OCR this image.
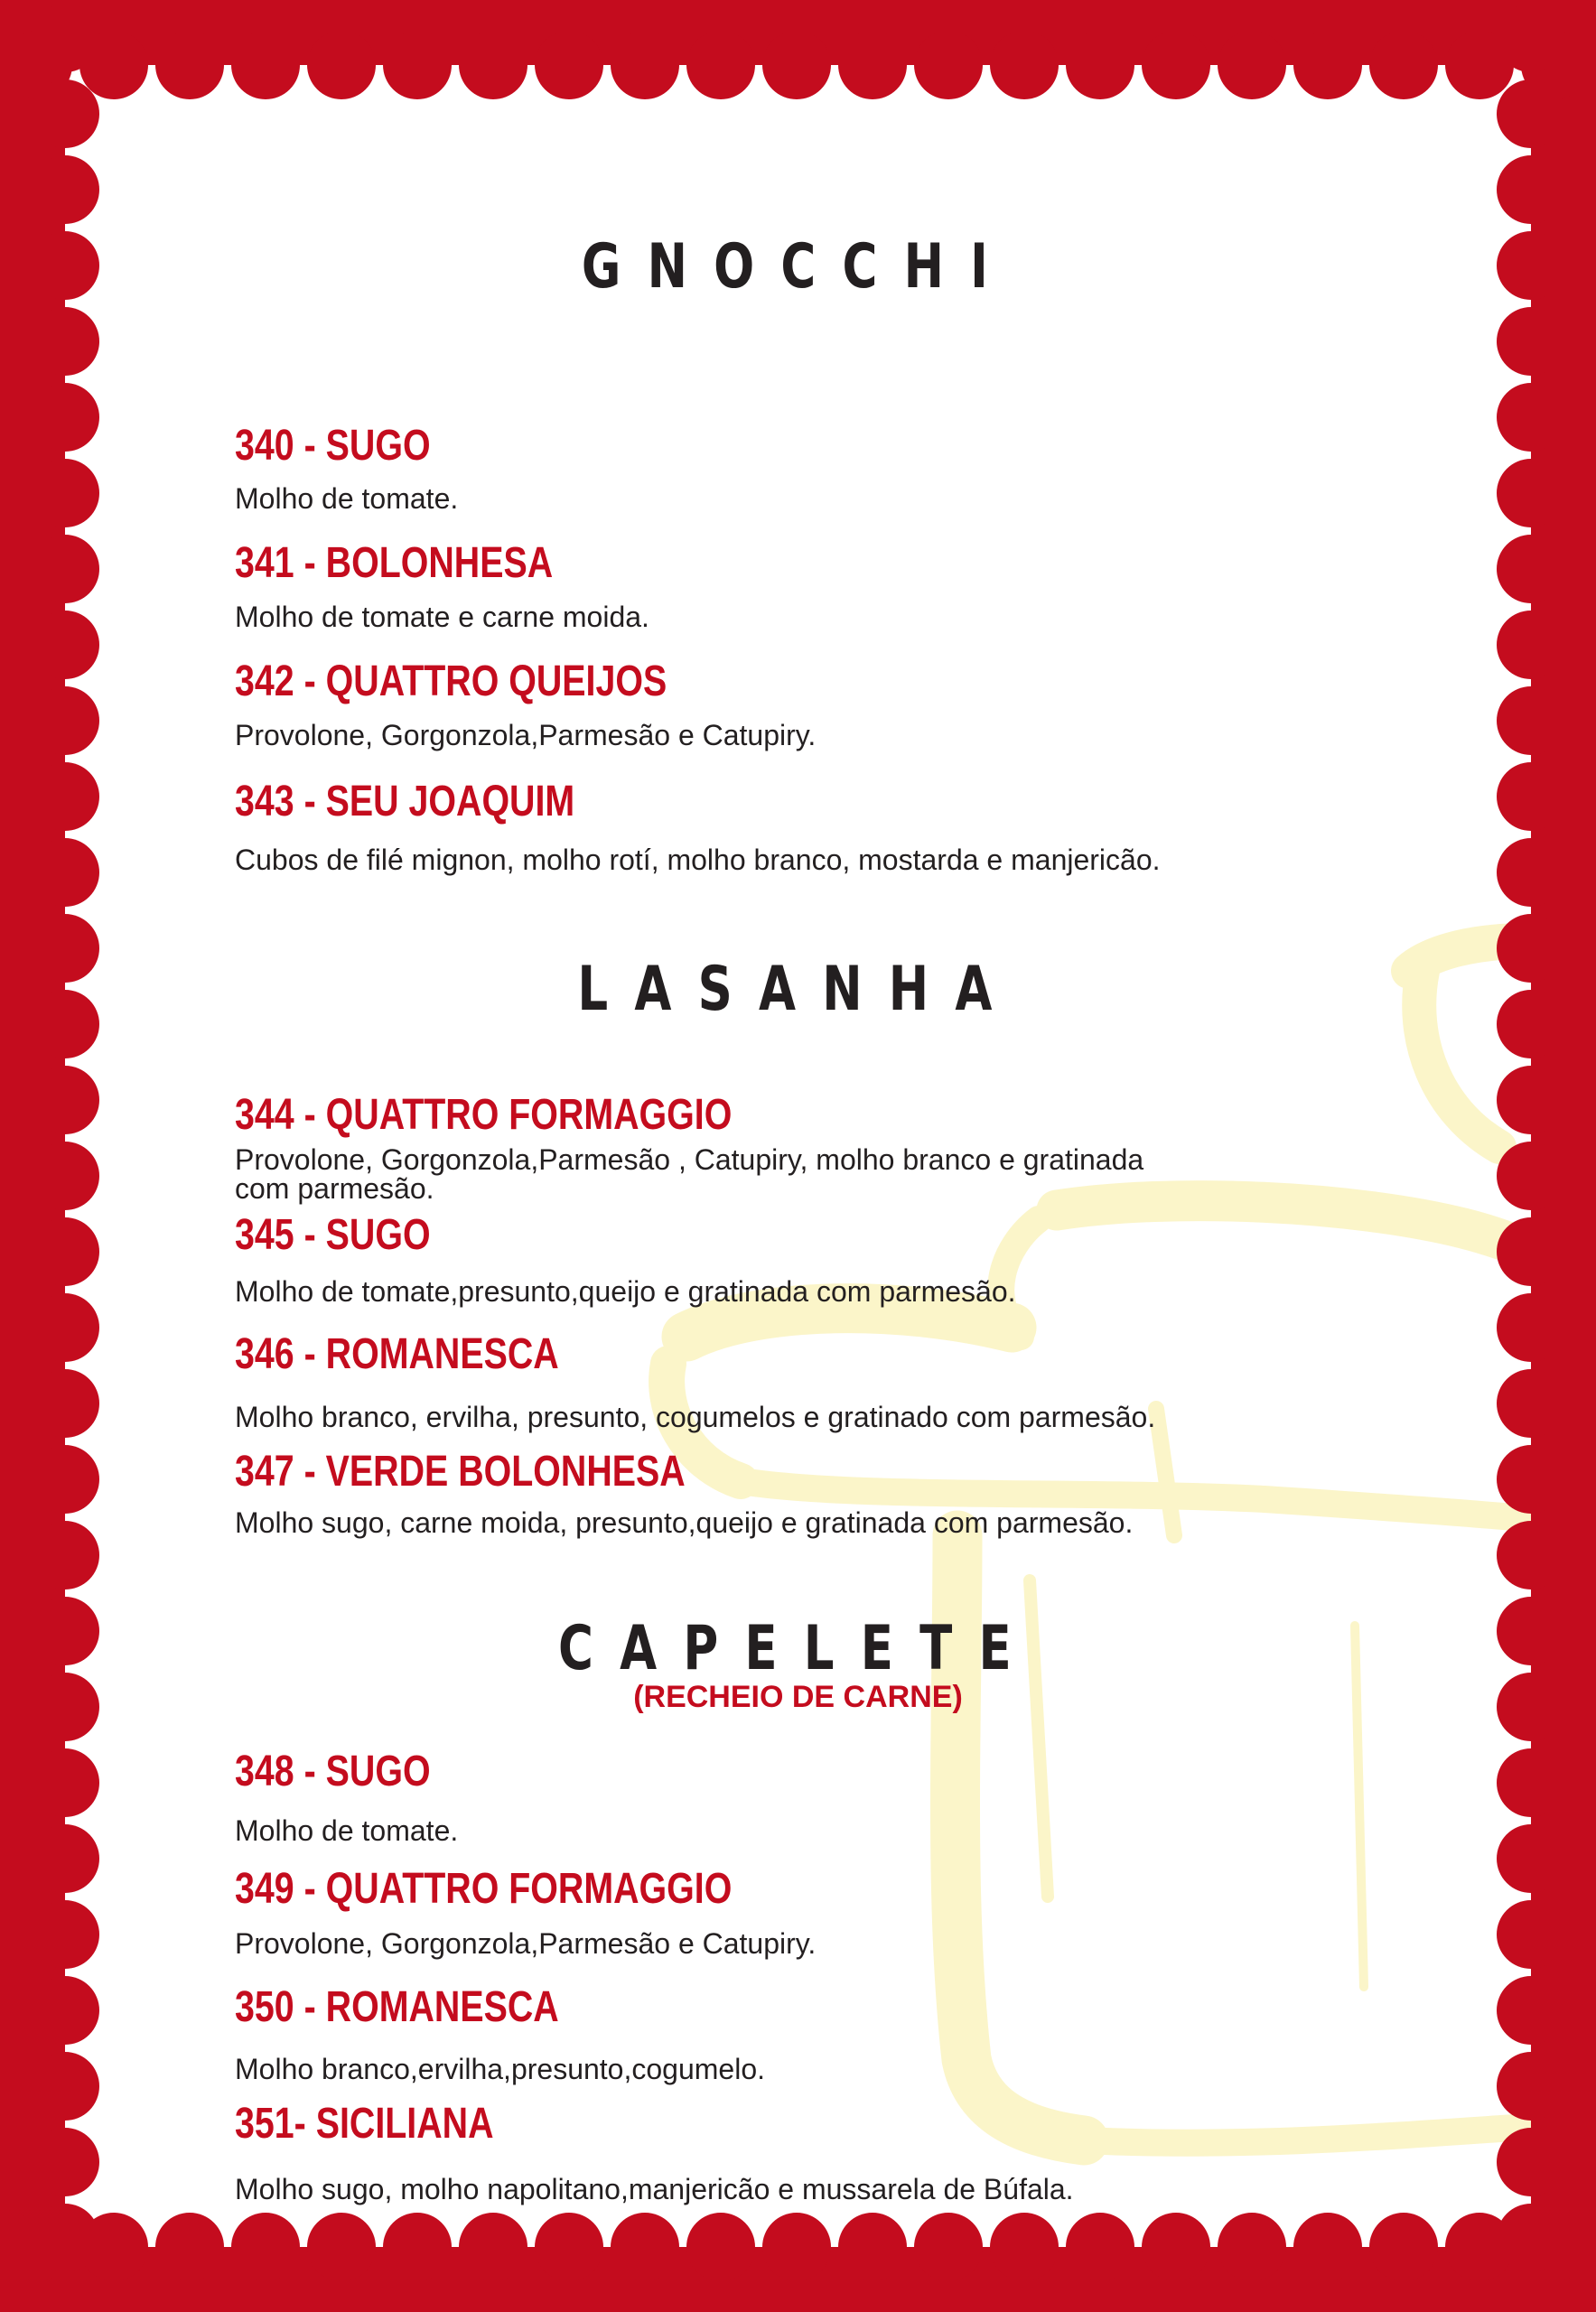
GNOCCHI
340 - SUGO
Molho de tomate.
341 - BOLONHESA
Molho de tomate e carne moida.
342 - QUATTRO QUEIJOS
Provolone, Gorgonzola,Parmesão e Catupiry.
343 - SEU JOAQUIM
Cubos de filé mignon, molho rotí, molho branco, mostarda e manjericão.
LASANHA
344 - QUATTRO FORMAGGIO
Provolone, Gorgonzola,Parmesão , Catupiry, molho branco e gratinada
com parmesão.
345 - SUGO
Molho de tomate,presunto,queijo e gratinada com parmesão.
346 - ROMANESCA
Molho branco, ervilha, presunto, cogumelos e gratinado com parmesão.
347 - VERDE BOLONHESA
Molho sugo, carne moida, presunto,queijo e gratinada com parmesão.
CAPELETE
(RECHEIO DE CARNE)
348 - SUGO
Molho de tomate.
349 - QUATTRO FORMAGGIO
Provolone, Gorgonzola,Parmesão e Catupiry.
350 - ROMANESCA
Molho branco,ervilha,presunto,cogumelo.
351- SICILIANA
Molho sugo, molho napolitano,manjericão e mussarela de Búfala.
